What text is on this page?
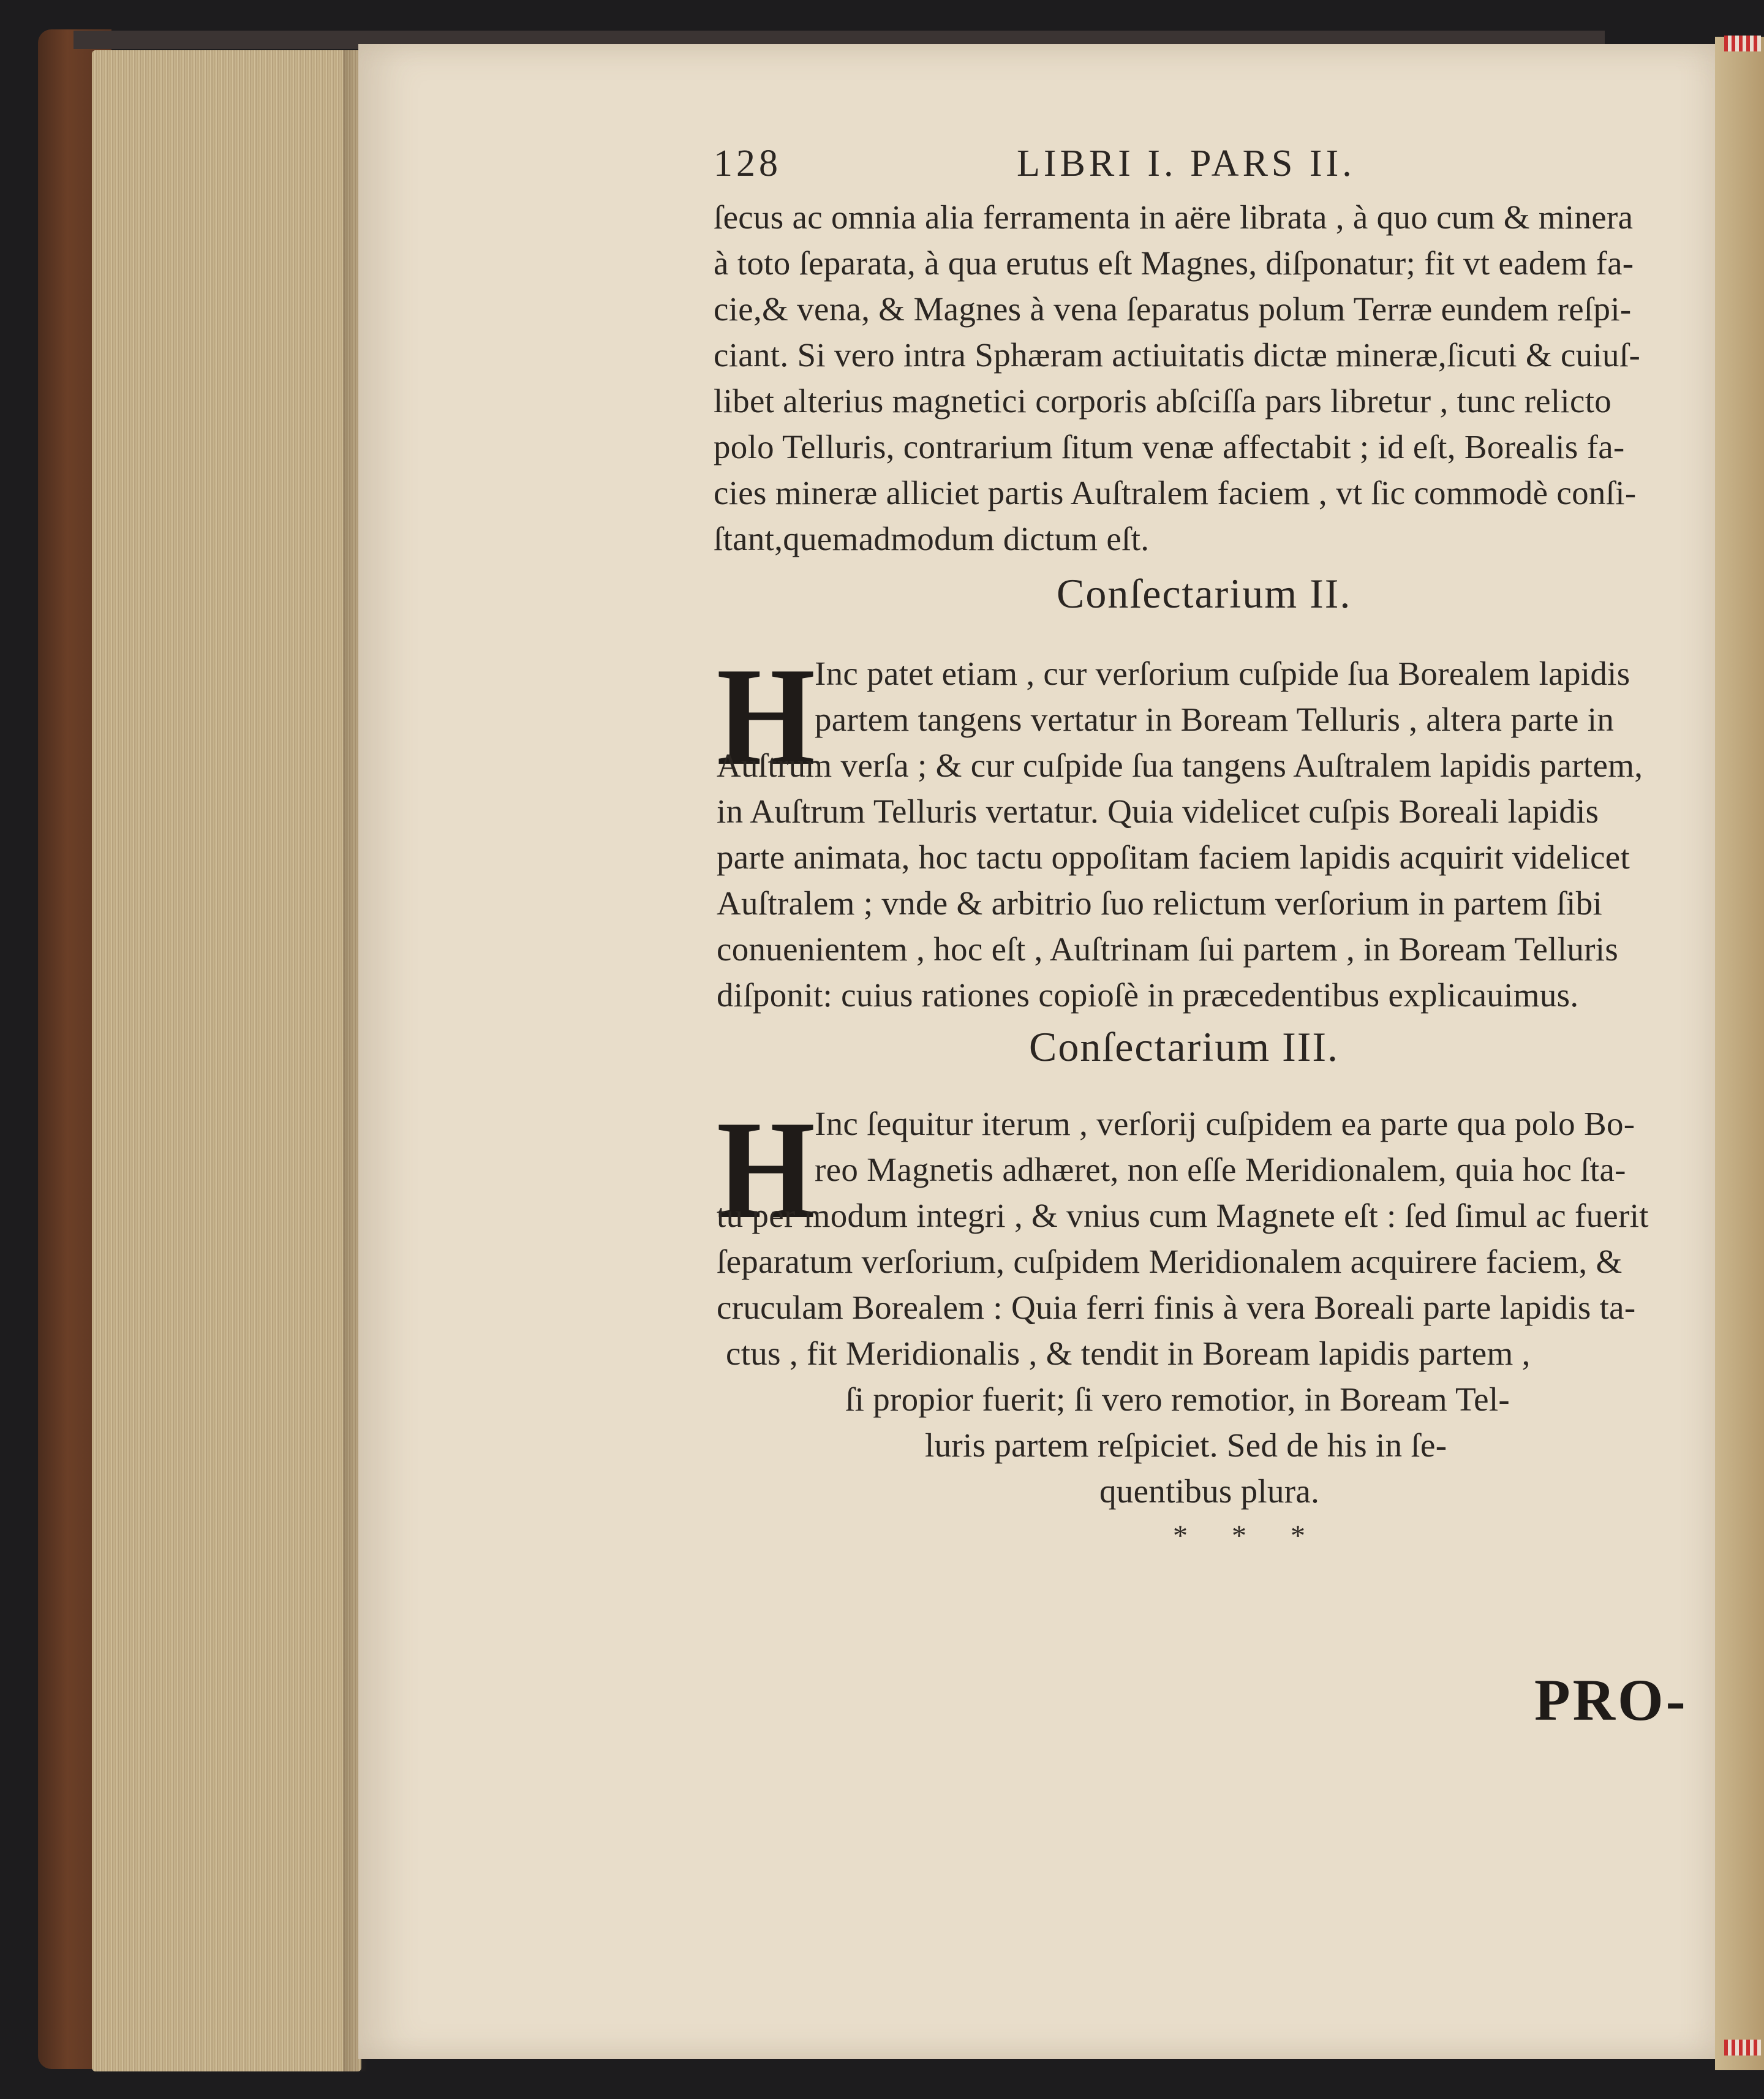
128	LIBRI I. PARS II.
ſecus ac omnia alia ferramenta in aëre librata , à quo cum & minera
à toto ſeparata, à qua erutus eſt Magnes, diſponatur; fit vt eadem fa-
cie,& vena, & Magnes à vena ſeparatus polum Terræ eundem reſpi-
ciant. Si vero intra Sphæram actiuitatis dictæ mineræ,ſicuti & cuiuſ-
libet alterius magnetici corporis abſciſſa pars libretur , tunc relicto
polo Telluris, contrarium ſitum venæ affectabit ; id eſt, Borealis fa-
cies mineræ alliciet partis Auſtralem faciem , vt ſic commodè conſi-
ſtant,quemadmodum dictum eſt.
Conſectarium II.
H
Inc patet etiam , cur verſorium cuſpide ſua Borealem lapidis
partem tangens vertatur in Boream Telluris , altera parte in
Auſtrum verſa ; & cur cuſpide ſua tangens Auſtralem lapidis partem,
in Auſtrum Telluris vertatur. Quia videlicet cuſpis Boreali lapidis
parte animata, hoc tactu oppoſitam faciem lapidis acquirit videlicet
Auſtralem ; vnde & arbitrio ſuo relictum verſorium in partem ſibi
conuenientem , hoc eſt , Auſtrinam ſui partem , in Boream Telluris
diſponit: cuius rationes copioſè in præcedentibus explicauimus.
Conſectarium III.
H
Inc ſequitur iterum , verſorij cuſpidem ea parte qua polo Bo-
reo Magnetis adhæret, non eſſe Meridionalem, quia hoc ſta-
tu per modum integri , & vnius cum Magnete eſt : ſed ſimul ac fuerit
ſeparatum verſorium, cuſpidem Meridionalem acquirere faciem, &
cruculam Borealem : Quia ferri finis à vera Boreali parte lapidis ta-
ctus , fit Meridionalis , & tendit in Boream lapidis partem ,
ſi propior fuerit; ſi vero remotior, in Boream Tel-
luris partem reſpiciet. Sed de his in ſe-
quentibus plura.
* * *
PRO-
